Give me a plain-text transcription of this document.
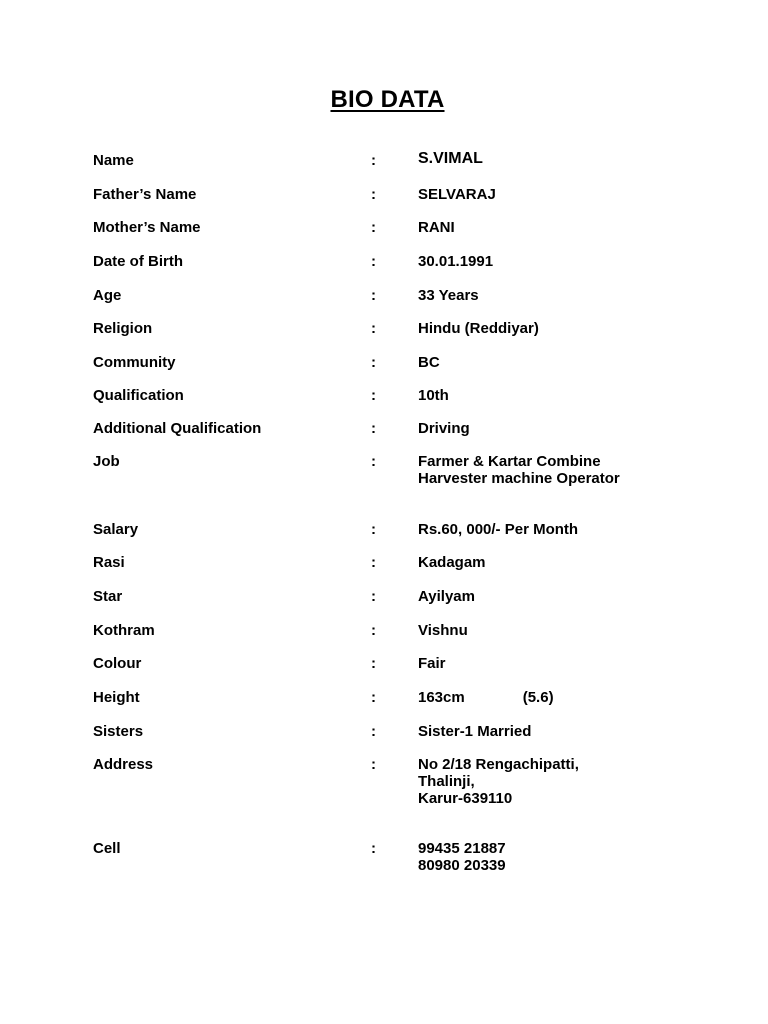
BIO DATA
Name	:	S.VIMAL
Father’s Name	:	SELVARAJ
Mother’s Name	:	RANI
Date of Birth	:	30.01.1991
Age	:	33 Years
Religion	:	Hindu (Reddiyar)
Community	:	BC
Qualification	:	10th
Additional Qualification	:	Driving
Job	:	Farmer & Kartar Combine
Harvester machine Operator
Salary	:	Rs.60, 000/- Per Month
Rasi	:	Kadagam
Star	:	Ayilyam
Kothram	:	Vishnu
Colour	:	Fair
Height	:	163cm	(5.6)
Sisters	:	Sister-1 Married
Address	:	No 2/18 Rengachipatti,
Thalinji,
Karur-639110
Cell	:	99435 21887
80980 20339
